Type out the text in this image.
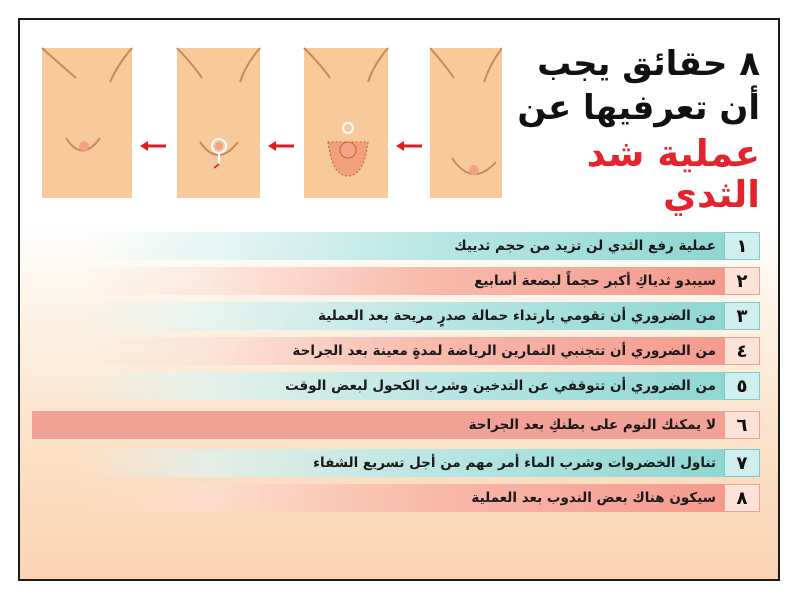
٨ حقائق يجب
أن تعرفيها عن
عملية شد الثدي
١
عملية رفع الثدي لن تزيد من حجم ثدييك
٢
سيبدو ثدياكِ أكبر حجماً لبضعة أسابيع
٣
من الضروري أن تقومي بارتداء حمالة صدرٍ مريحة بعد العملية
٤
من الضروري أن تتجنبي التمارين الرياضة لمدةٍ معينة بعد الجراحة
٥
من الضروري أن تتوقفي عن التدخين وشرب الكحول لبعض الوقت
٦
لا يمكنك النوم على بطنكِ بعد الجراحة
٧
تناول الخضروات وشرب الماء أمر مهم من أجل تسريع الشفاء
٨
سيكون هناك بعض الندوب بعد العملية
